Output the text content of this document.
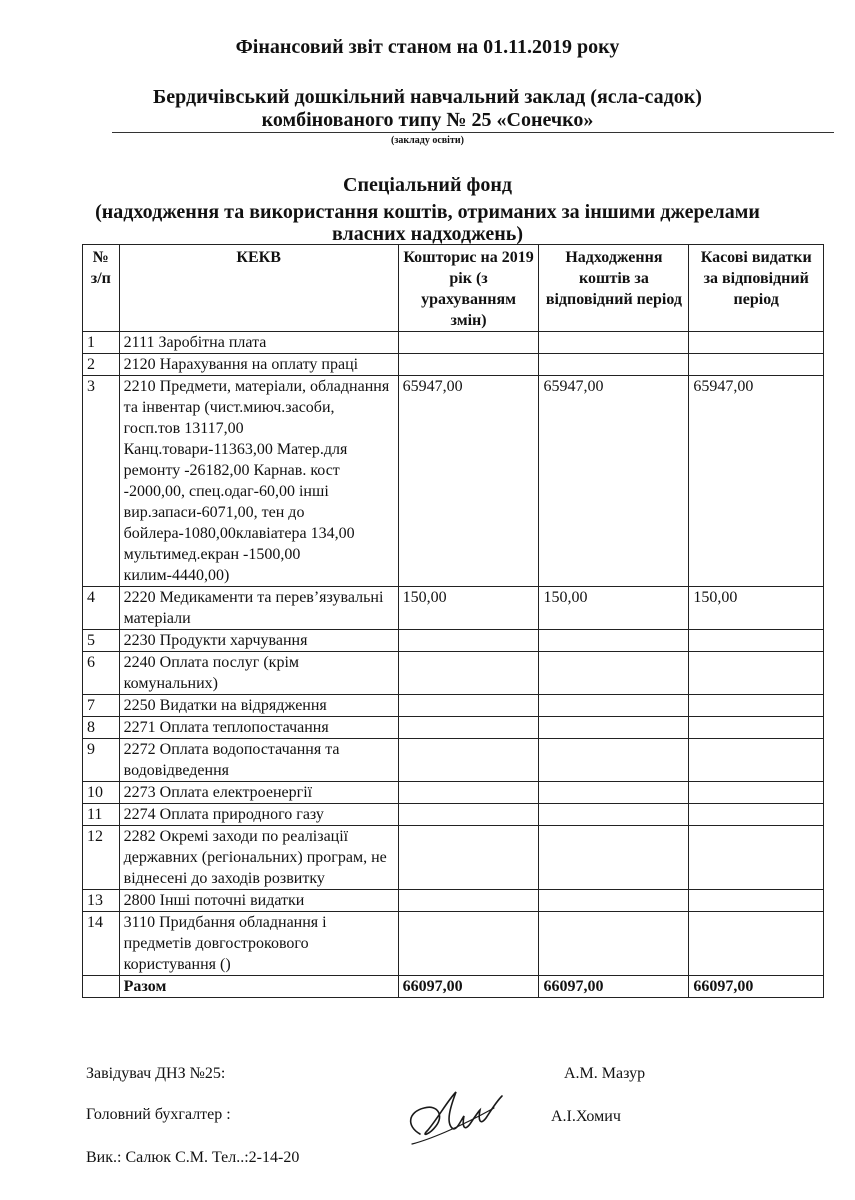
Фінансовий звіт станом на 01.11.2019 року
Бердичівський дошкільний навчальний заклад (ясла-садок)
комбінованого типу № 25 «Сонечко»
(закладу освіти)
Спеціальний фонд
(надходження та використання коштів, отриманих за іншими джерелами
власних надходжень)
№ з/п	КЕКВ	Кошторис на 2019 рік (з урахуванням змін)	Надходження коштів за відповідний період	Касові видатки за відповідний період
1	2111 Заробітна плата			
2	2120 Нарахування на оплату праці			
3	2210 Предмети, матеріали, обладнання та інвентар (чист.миюч.засоби, госп.тов 13117,00 Канц.товари-11363,00 Матер.для ремонту -26182,00 Карнав. кост -2000,00, спец.одаг-60,00 інші вир.запаси-6071,00, тен до бойлера-1080,00клавіатера 134,00 мультимед.екран -1500,00 килим-4440,00)	65947,00	65947,00	65947,00
4	2220 Медикаменти та перев’язувальні матеріали	150,00	150,00	150,00
5	2230 Продукти харчування			
6	2240 Оплата послуг (крім комунальних)			
7	2250 Видатки на відрядження			
8	2271 Оплата теплопостачання			
9	2272 Оплата водопостачання та водовідведення			
10	2273 Оплата електроенергії			
11	2274 Оплата природного газу			
12	2282 Окремі заходи по реалізації державних (регіональних) програм, не віднесені до заходів розвитку			
13	2800 Інші поточні видатки			
14	3110 Придбання обладнання і предметів довгострокового користування ()			
	Разом	66097,00	66097,00	66097,00
Завідувач ДНЗ №25:	А.М. Мазур
Головний бухгалтер :	А.І.Хомич
Вик.: Салюк С.М. Тел..:2-14-20
